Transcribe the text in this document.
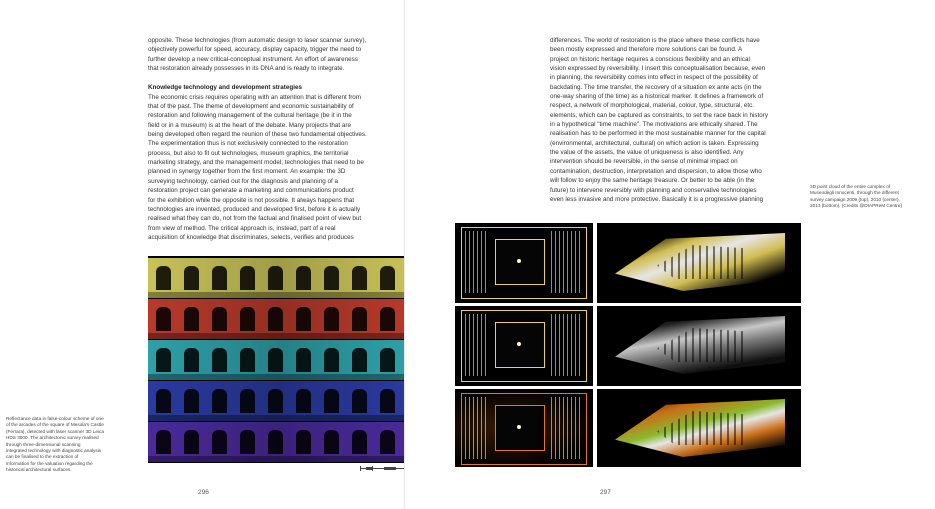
opposite. These technologies (from automatic design to laser scanner survey),

objectively powerful for speed, accuracy, display capacity, trigger the need to

further develop a new critical-conceptual instrument. An effort of awareness

that restoration already possesses in its DNA and is ready to integrate.

Knowledge technology and development strategies

The economic crisis requires operating with an attention that is different from

that of the past. The theme of development and economic sustainability of

restoration and following management of the cultural heritage (be it in the

field or in a museum) is at the heart of the debate. Many projects that are

being developed often regard the reunion of these two fundamental objectives.

The experimentation thus is not exclusively connected to the restoration

process, but also to fit out technologies, museum graphics, the territorial

marketing strategy, and the management model; technologies that need to be

planned in synergy together from the first moment. An example: the 3D

surveying technology, carried out for the diagnosis and planning of a

restoration project can generate a marketing and communications product

for the exhibition while the opposite is not possible. It always happens that

technologies are invented, produced and developed first, before it is actually

realised what they can do, not from the factual and finalised point of view but

from view of method. The critical approach is, instead, part of a real

acquisition of knowledge that discriminates, selects, verifies and produces

Reflectance data in false-colour scheme of one
of the arcades of the square of Mesola's Castle
(Ferrara), detected with laser scanner 3D Leica
HDS 3000. The architectonic survey realised
through three-dimensional scanning
integrated technology with diagnostic analysis
can be finalised to the extraction of
information for the valuation regarding the
historical architectural surfaces.
296
3D point cloud of the entire complex of
Museodegli Innocenti, through the different
survey campaign 2009 (top), 2010 (center),
2013 (bottom). (Credits @DIAPReM Centre)

differences. The world of restoration is the place where these conflicts have

been mostly expressed and therefore more solutions can be found. A

project on historic heritage requires a conscious flexibility and an ethical

vision expressed by reversibility. I insert this conceptualisation because, even

in planning, the reversibility comes into effect in respect of the possibility of

backdating. The time transfer, the recovery of a situation ex ante acts (in the

one-way sharing of the time) as a historical marker. It defines a framework of

respect, a network of morphological, material, colour, type, structural, etc.

elements, which can be captured as constraints, to set the race back in history

in a hypothetical "time machine". The motivations are ethically shared. The

realisation has to be performed in the most sustainable manner for the capital

(environmental, architectural, cultural) on which action is taken. Expressing

the value of the assets, the value of uniqueness is also identified. Any

intervention should be reversible, in the sense of minimal impact on

contamination, destruction, interpretation and dispersion, to allow those who

will follow to enjoy the same heritage treasure. Or better to be able (in the

future) to intervene reversibly with planning and conservative technologies

even less invasive and more protective. Basically it is a progressive planning

297
